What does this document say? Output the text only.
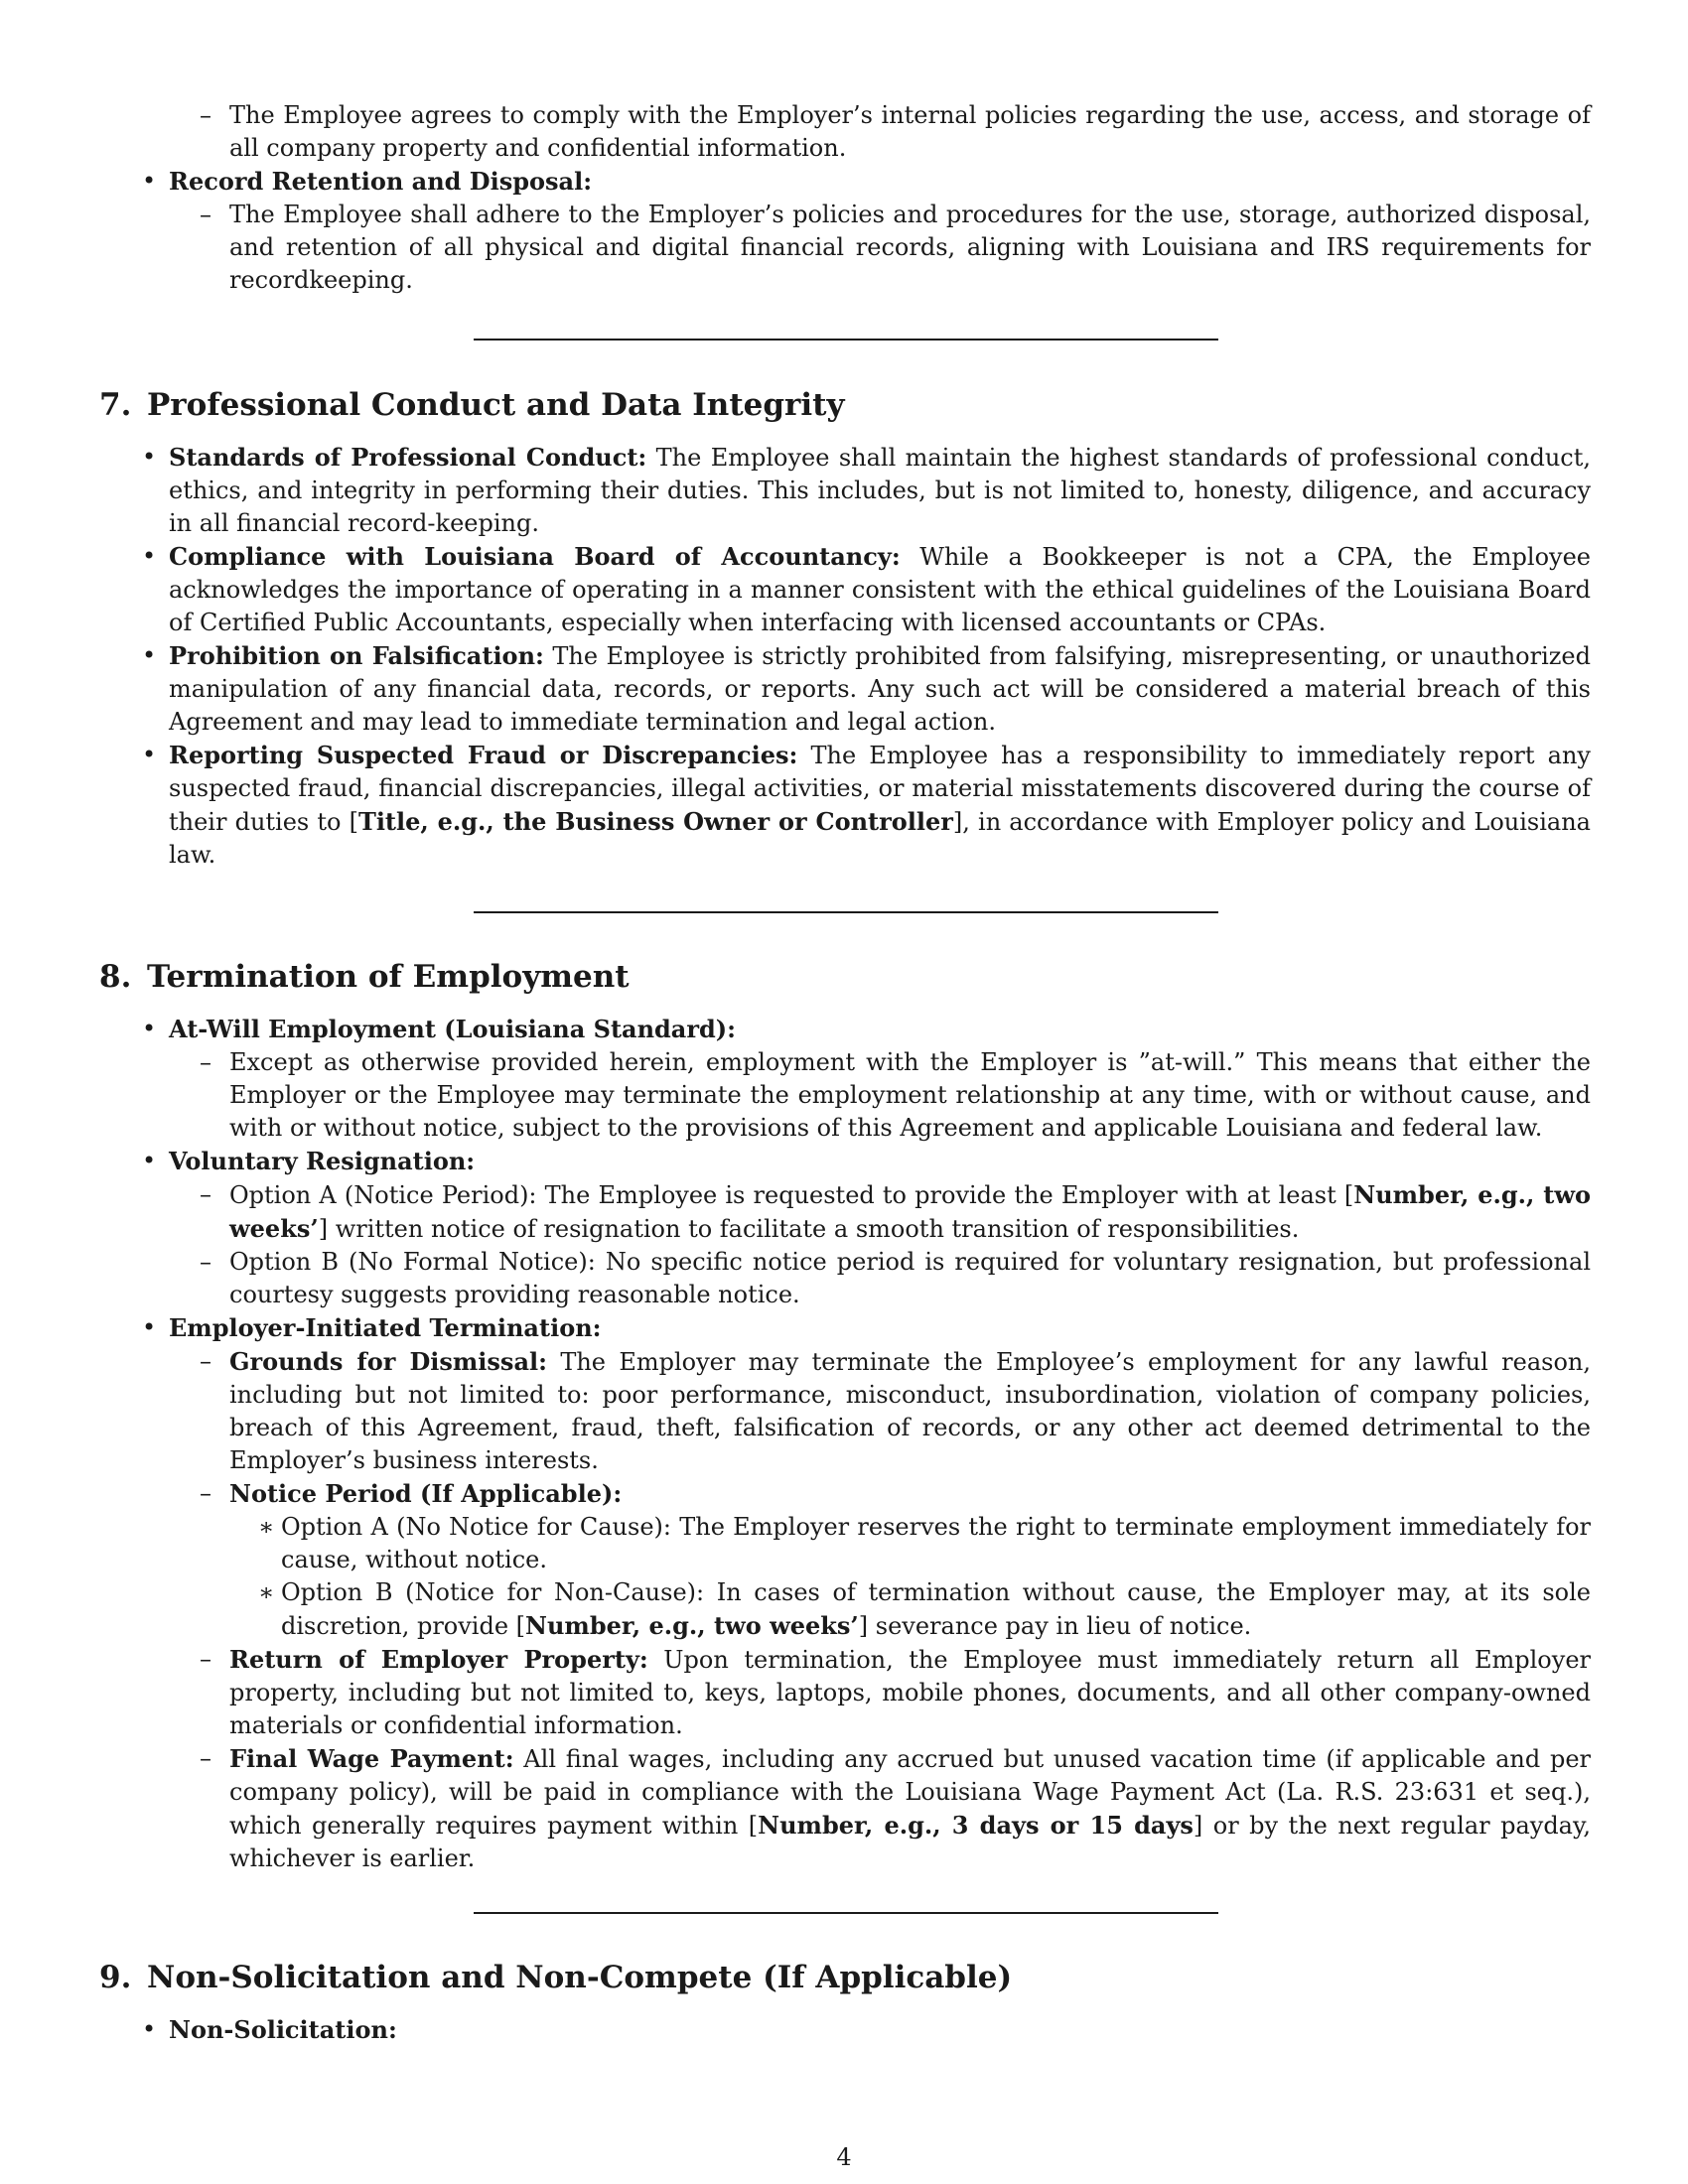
– The Employee agrees to comply with the Employer’s internal policies regarding the use, access, and storage of all company property and confidential information.

• Record Retention and Disposal:

– The Employee shall adhere to the Employer’s policies and procedures for the use, storage, authorized disposal, and retention of all physical and digital financial records, aligning with Louisiana and IRS requirements for recordkeeping.

7. Professional Conduct and Data Integrity

• Standards of Professional Conduct: The Employee shall maintain the highest standards of professional conduct, ethics, and integrity in performing their duties. This includes, but is not limited to, honesty, diligence, and accuracy in all financial record-keeping.

• Compliance with Louisiana Board of Accountancy: While a Bookkeeper is not a CPA, the Employee acknowledges the importance of operating in a manner consistent with the ethical guidelines of the Louisiana Board of Certified Public Accountants, especially when interfacing with licensed accountants or CPAs.

• Prohibition on Falsification: The Employee is strictly prohibited from falsifying, misrepresenting, or unauthorized manipulation of any financial data, records, or reports. Any such act will be considered a material breach of this Agreement and may lead to immediate termination and legal action.

• Reporting Suspected Fraud or Discrepancies: The Employee has a responsibility to immediately report any suspected fraud, financial discrepancies, illegal activities, or material misstatements discovered during the course of their duties to [Title, e.g., the Business Owner or Controller], in accordance with Employer policy and Louisiana law.

8. Termination of Employment

• At-Will Employment (Louisiana Standard):

– Except as otherwise provided herein, employment with the Employer is ”at-will.” This means that either the Employer or the Employee may terminate the employment relationship at any time, with or without cause, and with or without notice, subject to the provisions of this Agreement and applicable Louisiana and federal law.

• Voluntary Resignation:

– Option A (Notice Period): The Employee is requested to provide the Employer with at least [Number, e.g., two weeks’] written notice of resignation to facilitate a smooth transition of responsibilities.

– Option B (No Formal Notice): No specific notice period is required for voluntary resignation, but professional courtesy suggests providing reasonable notice.

• Employer-Initiated Termination:

– Grounds for Dismissal: The Employer may terminate the Employee’s employment for any lawful reason, including but not limited to: poor performance, misconduct, insubordination, violation of company policies, breach of this Agreement, fraud, theft, falsification of records, or any other act deemed detrimental to the Employer’s business interests.

– Notice Period (If Applicable):

∗ Option A (No Notice for Cause): The Employer reserves the right to terminate employment immediately for cause, without notice.

∗ Option B (Notice for Non-Cause): In cases of termination without cause, the Employer may, at its sole discretion, provide [Number, e.g., two weeks’] severance pay in lieu of notice.

– Return of Employer Property: Upon termination, the Employee must immediately return all Employer property, including but not limited to, keys, laptops, mobile phones, documents, and all other company-owned materials or confidential information.

– Final Wage Payment: All final wages, including any accrued but unused vacation time (if applicable and per company policy), will be paid in compliance with the Louisiana Wage Payment Act (La. R.S. 23:631 et seq.), which generally requires payment within [Number, e.g., 3 days or 15 days] or by the next regular payday, whichever is earlier.

9. Non-Solicitation and Non-Compete (If Applicable)

• Non-Solicitation:

4
